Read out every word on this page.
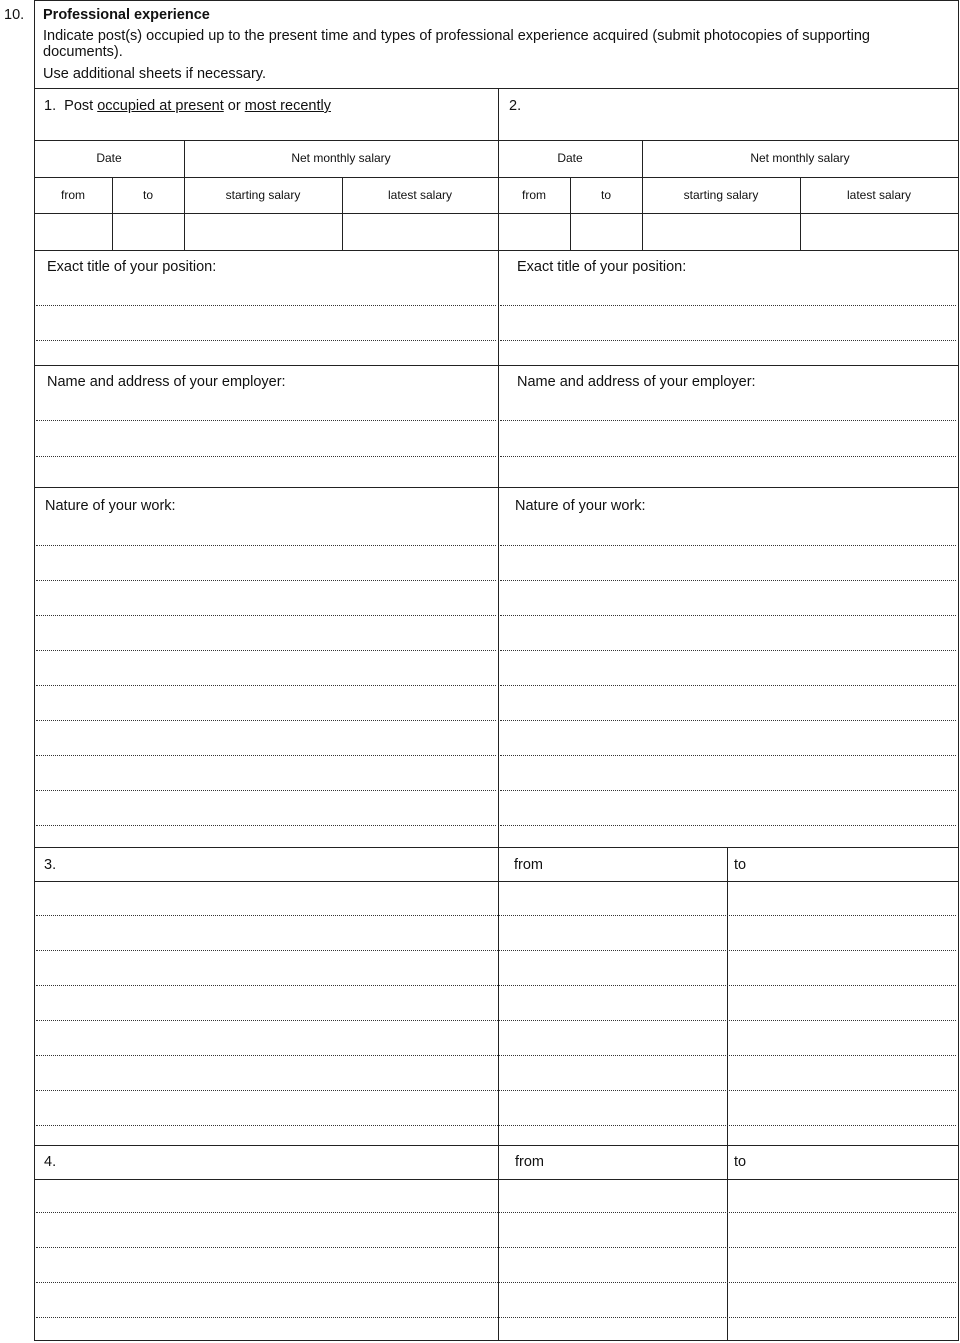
10. Professional experience
Indicate post(s) occupied up to the present time and types of professional experience acquired (submit photocopies of supporting documents).
Use additional sheets if necessary.
1. Post occupied at present or most recently	2.
Date	Net monthly salary	Date	Net monthly salary
from	to	starting salary	latest salary	from	to	starting salary	latest salary
Exact title of your position:	Exact title of your position:
Name and address of your employer:	Name and address of your employer:
Nature of your work:	Nature of your work:
3.	from	to
4.	from	to
